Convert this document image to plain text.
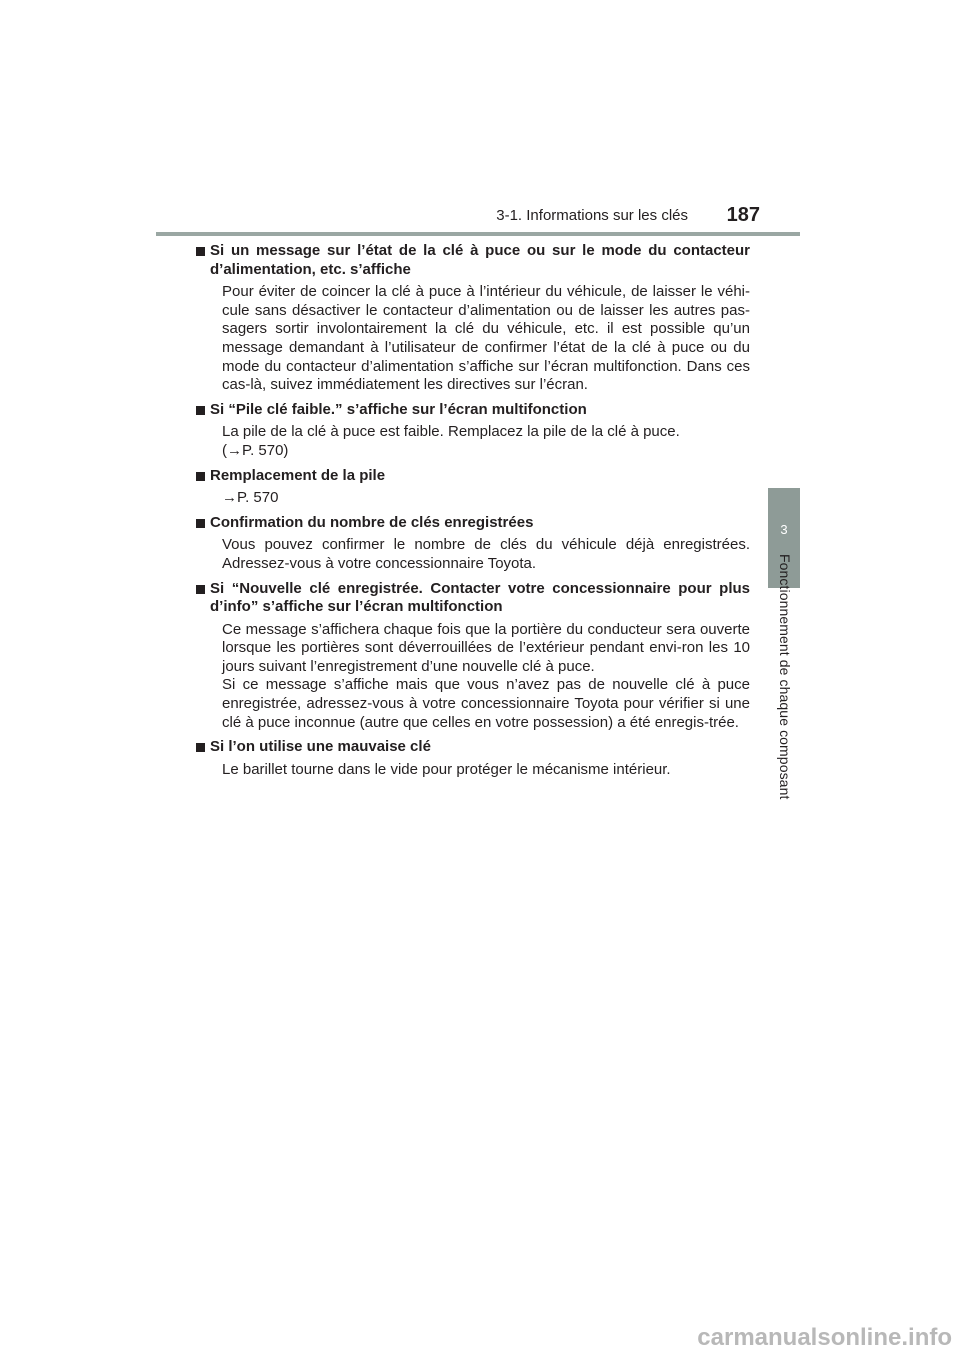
3-1. Informations sur les clés	187
3
Fonctionnement de chaque composant
Si un message sur l’état de la clé à puce ou sur le mode du contacteur d’alimentation, etc. s’affiche

Pour éviter de coincer la clé à puce à l’intérieur du véhicule, de laisser le véhi-cule sans désactiver le contacteur d’alimentation ou de laisser les autres pas-sagers sortir involontairement la clé du véhicule, etc. il est possible qu’un message demandant à l’utilisateur de confirmer l’état de la clé à puce ou du mode du contacteur d’alimentation s’affiche sur l’écran multifonction. Dans ces cas-là, suivez immédiatement les directives sur l’écran.

Si “Pile clé faible.” s’affiche sur l’écran multifonction

La pile de la clé à puce est faible. Remplacez la pile de la clé à puce.

(→P. 570)

Remplacement de la pile

→P. 570

Confirmation du nombre de clés enregistrées

Vous pouvez confirmer le nombre de clés du véhicule déjà enregistrées. Adressez-vous à votre concessionnaire Toyota.

Si “Nouvelle clé enregistrée. Contacter votre concessionnaire pour plus d’info” s’affiche sur l’écran multifonction

Ce message s’affichera chaque fois que la portière du conducteur sera ouverte lorsque les portières sont déverrouillées de l’extérieur pendant envi-ron les 10 jours suivant l’enregistrement d’une nouvelle clé à puce.

Si ce message s’affiche mais que vous n’avez pas de nouvelle clé à puce enregistrée, adressez-vous à votre concessionnaire Toyota pour vérifier si une clé à puce inconnue (autre que celles en votre possession) a été enregis-trée.

Si l’on utilise une mauvaise clé

Le barillet tourne dans le vide pour protéger le mécanisme intérieur.

carmanualsonline.info
